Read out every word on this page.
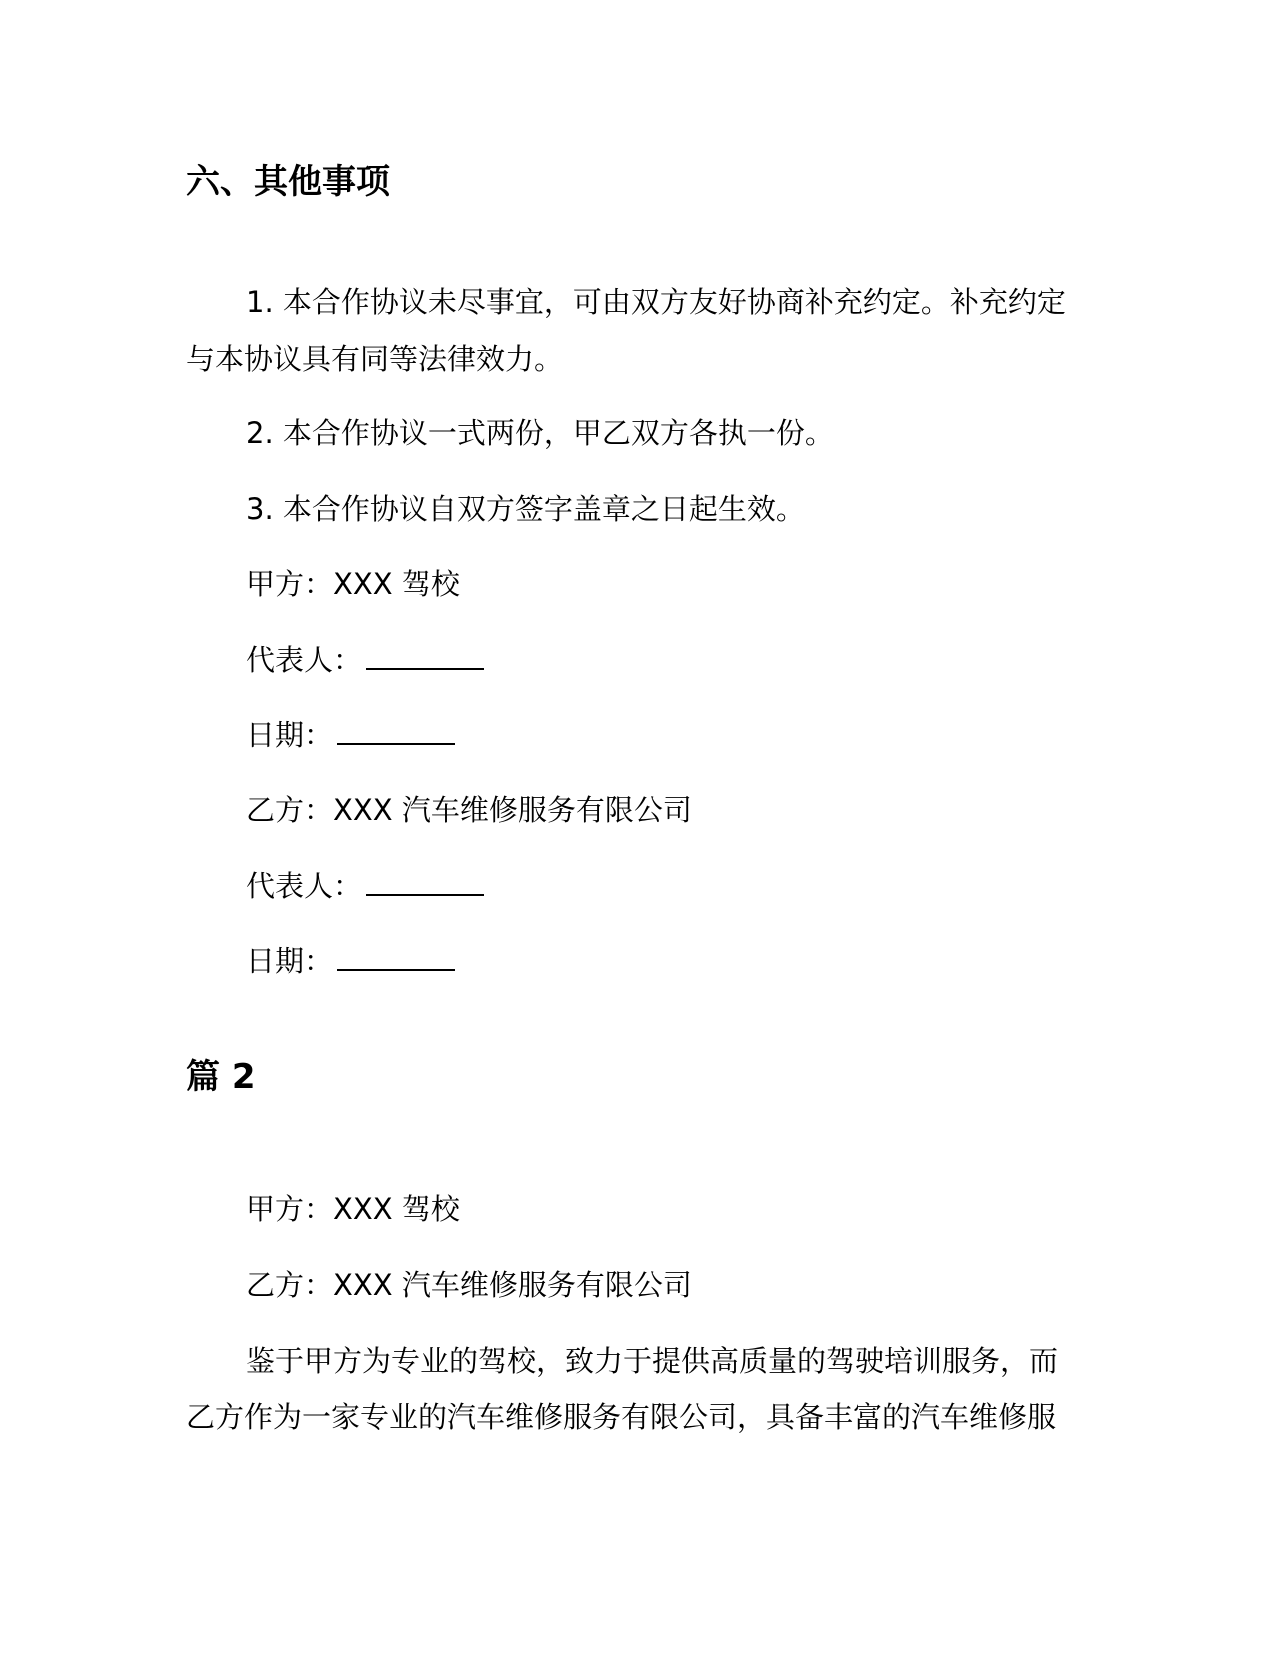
六、其他事项
1. 本合作协议未尽事宜，可由双方友好协商补充约定。补充约定
与本协议具有同等法律效力。
2. 本合作协议一式两份，甲乙双方各执一份。
3. 本合作协议自双方签字盖章之日起生效。
甲方：XXX 驾校
代表人：
日期：
乙方：XXX 汽车维修服务有限公司
代表人：
日期：
篇 2
甲方：XXX 驾校
乙方：XXX 汽车维修服务有限公司
鉴于甲方为专业的驾校，致力于提供高质量的驾驶培训服务，而
乙方作为一家专业的汽车维修服务有限公司，具备丰富的汽车维修服
